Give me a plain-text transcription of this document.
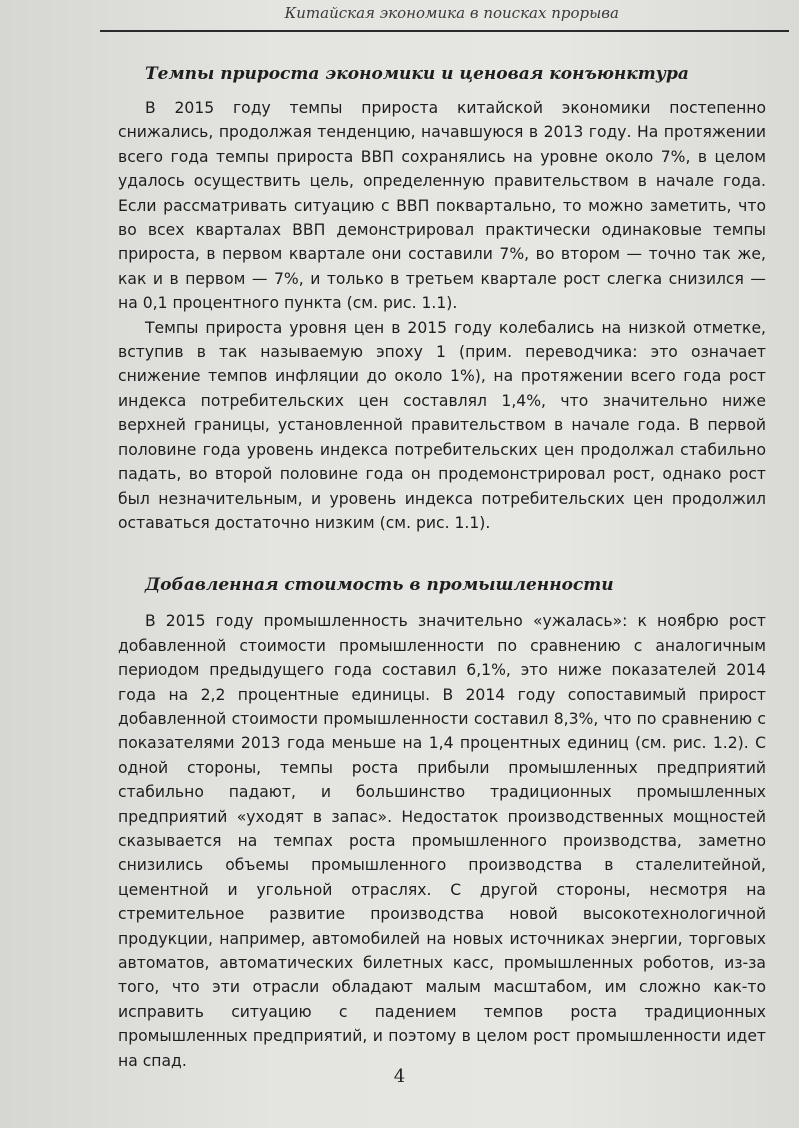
Китайская экономика в поисках прорыва
Темпы прироста экономики и ценовая конъюнктура

В 2015 году темпы прироста китайской экономики постепенно снижались, продолжая тенденцию, начавшуюся в 2013 году. На протяжении всего года темпы прироста ВВП сохранялись на уровне около 7%, в целом удалось осуществить цель, определенную правительством в начале года. Если рассматривать ситуацию с ВВП поквартально, то можно заметить, что во всех кварталах ВВП демонстрировал практически одинаковые темпы прироста, в первом квартале они составили 7%, во втором — точно так же, как и в первом — 7%, и только в третьем квартале рост слегка снизился — на 0,1 процентного пункта (см. рис. 1.1).

Темпы прироста уровня цен в 2015 году колебались на низкой отметке, вступив в так называемую эпоху 1 (прим. переводчика: это означает снижение темпов инфляции до около 1%), на протяжении всего года рост индекса потребительских цен составлял 1,4%, что значительно ниже верхней границы, установленной правительством в начале года. В первой половине года уровень индекса потребительских цен продолжал стабильно падать, во второй половине года он продемонстрировал рост, однако рост был незначительным, и уровень индекса потребительских цен продолжил оставаться достаточно низким (см. рис. 1.1).

Добавленная стоимость в промышленности

В 2015 году промышленность значительно «ужалась»: к ноябрю рост добавленной стоимости промышленности по сравнению с аналогичным периодом предыдущего года составил 6,1%, это ниже показателей 2014 года на 2,2 процентные единицы. В 2014 году сопоставимый прирост добавленной стоимости промышленности составил 8,3%, что по сравнению с показателями 2013 года меньше на 1,4 процентных единиц (см. рис. 1.2). С одной стороны, темпы роста прибыли промышленных предприятий стабильно падают, и большинство традиционных промышленных предприятий «уходят в запас». Недостаток производственных мощностей сказывается на темпах роста промышленного производства, заметно снизились объемы промышленного производства в сталелитейной, цементной и угольной отраслях. С другой стороны, несмотря на стремительное развитие производства новой высокотехнологичной продукции, например, автомобилей на новых источниках энергии, торговых автоматов, автоматических билетных касс, промышленных роботов, из-за того, что эти отрасли обладают малым масштабом, им сложно как-то исправить ситуацию с падением темпов роста традиционных промышленных предприятий, и поэтому в целом рост промышленности идет на спад.

4
